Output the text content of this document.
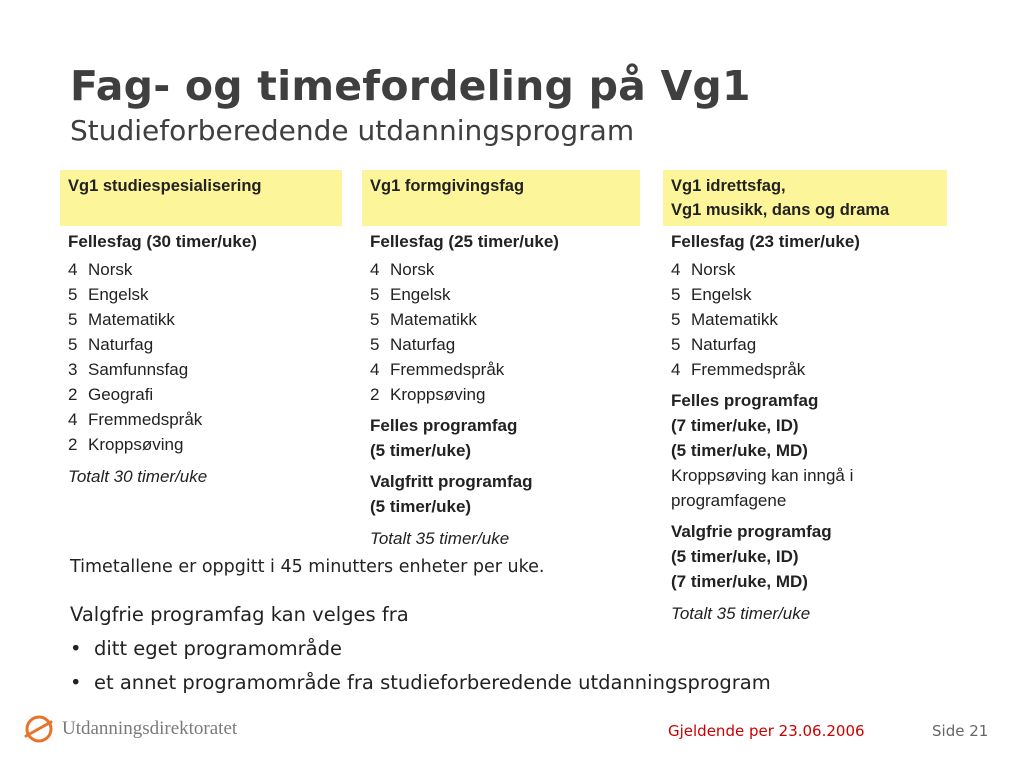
Fag- og timefordeling på Vg1
Studieforberedende utdanningsprogram
Vg1 studiespesialisering
Fellesfag (30 timer/uke)
4 Norsk
5 Engelsk
5 Matematikk
5 Naturfag
3 Samfunnsfag
2 Geografi
4 Fremmedspråk
2 Kroppsøving
Totalt 30 timer/uke
Vg1 formgivingsfag
Fellesfag (25 timer/uke)
4 Norsk
5 Engelsk
5 Matematikk
5 Naturfag
4 Fremmedspråk
2 Kroppsøving
Felles programfag
(5 timer/uke)
Valgfritt programfag
(5 timer/uke)
Totalt 35 timer/uke
Vg1 idrettsfag,
Vg1 musikk, dans og drama
Fellesfag (23 timer/uke)
4 Norsk
5 Engelsk
5 Matematikk
5 Naturfag
4 Fremmedspråk
Felles programfag
(7 timer/uke, ID)
(5 timer/uke, MD)
Kroppsøving kan inngå i
programfagene
Valgfrie programfag
(5 timer/uke, ID)
(7 timer/uke, MD)
Totalt 35 timer/uke
Timetallene er oppgitt i 45 minutters enheter per uke.
Valgfrie programfag kan velges fra
• ditt eget programområde
• et annet programområde fra studieforberedende utdanningsprogram
Utdanningsdirektoratet	Gjeldende per 23.06.2006	Side 21
